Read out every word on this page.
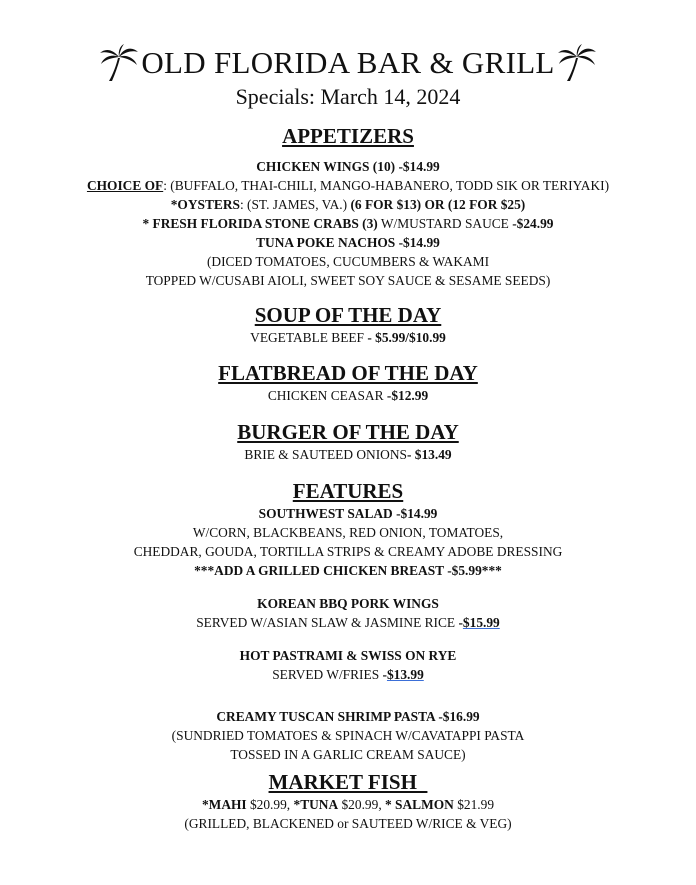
OLD FLORIDA BAR & GRILL
Specials: March 14, 2024
APPETIZERS
CHICKEN WINGS (10) -$14.99
CHOICE OF: (BUFFALO, THAI-CHILI, MANGO-HABANERO, TODD SIK OR TERIYAKI)
*OYSTERS: (ST. JAMES, VA.) (6 FOR $13) OR (12 FOR $25)
* FRESH FLORIDA STONE CRABS (3) W/MUSTARD SAUCE -$24.99
TUNA POKE NACHOS -$14.99
(DICED TOMATOES, CUCUMBERS & WAKAMI
TOPPED W/CUSABI AIOLI, SWEET SOY SAUCE & SESAME SEEDS)
SOUP OF THE DAY
VEGETABLE BEEF - $5.99/$10.99
FLATBREAD OF THE DAY
CHICKEN CEASAR -$12.99
BURGER OF THE DAY
BRIE & SAUTEED ONIONS- $13.49
FEATURES
SOUTHWEST SALAD -$14.99
W/CORN, BLACKBEANS, RED ONION, TOMATOES,
CHEDDAR, GOUDA, TORTILLA STRIPS & CREAMY ADOBE DRESSING
***ADD A GRILLED CHICKEN BREAST -$5.99***
KOREAN BBQ PORK WINGS
SERVED W/ASIAN SLAW & JASMINE RICE -$15.99
HOT PASTRAMI & SWISS ON RYE
SERVED W/FRIES -$13.99
CREAMY TUSCAN SHRIMP PASTA -$16.99
(SUNDRIED TOMATOES & SPINACH W/CAVATAPPI PASTA
TOSSED IN A GARLIC CREAM SAUCE)
MARKET FISH
*MAHI $20.99, *TUNA $20.99, * SALMON $21.99
(GRILLED, BLACKENED or SAUTEED W/RICE & VEG)
